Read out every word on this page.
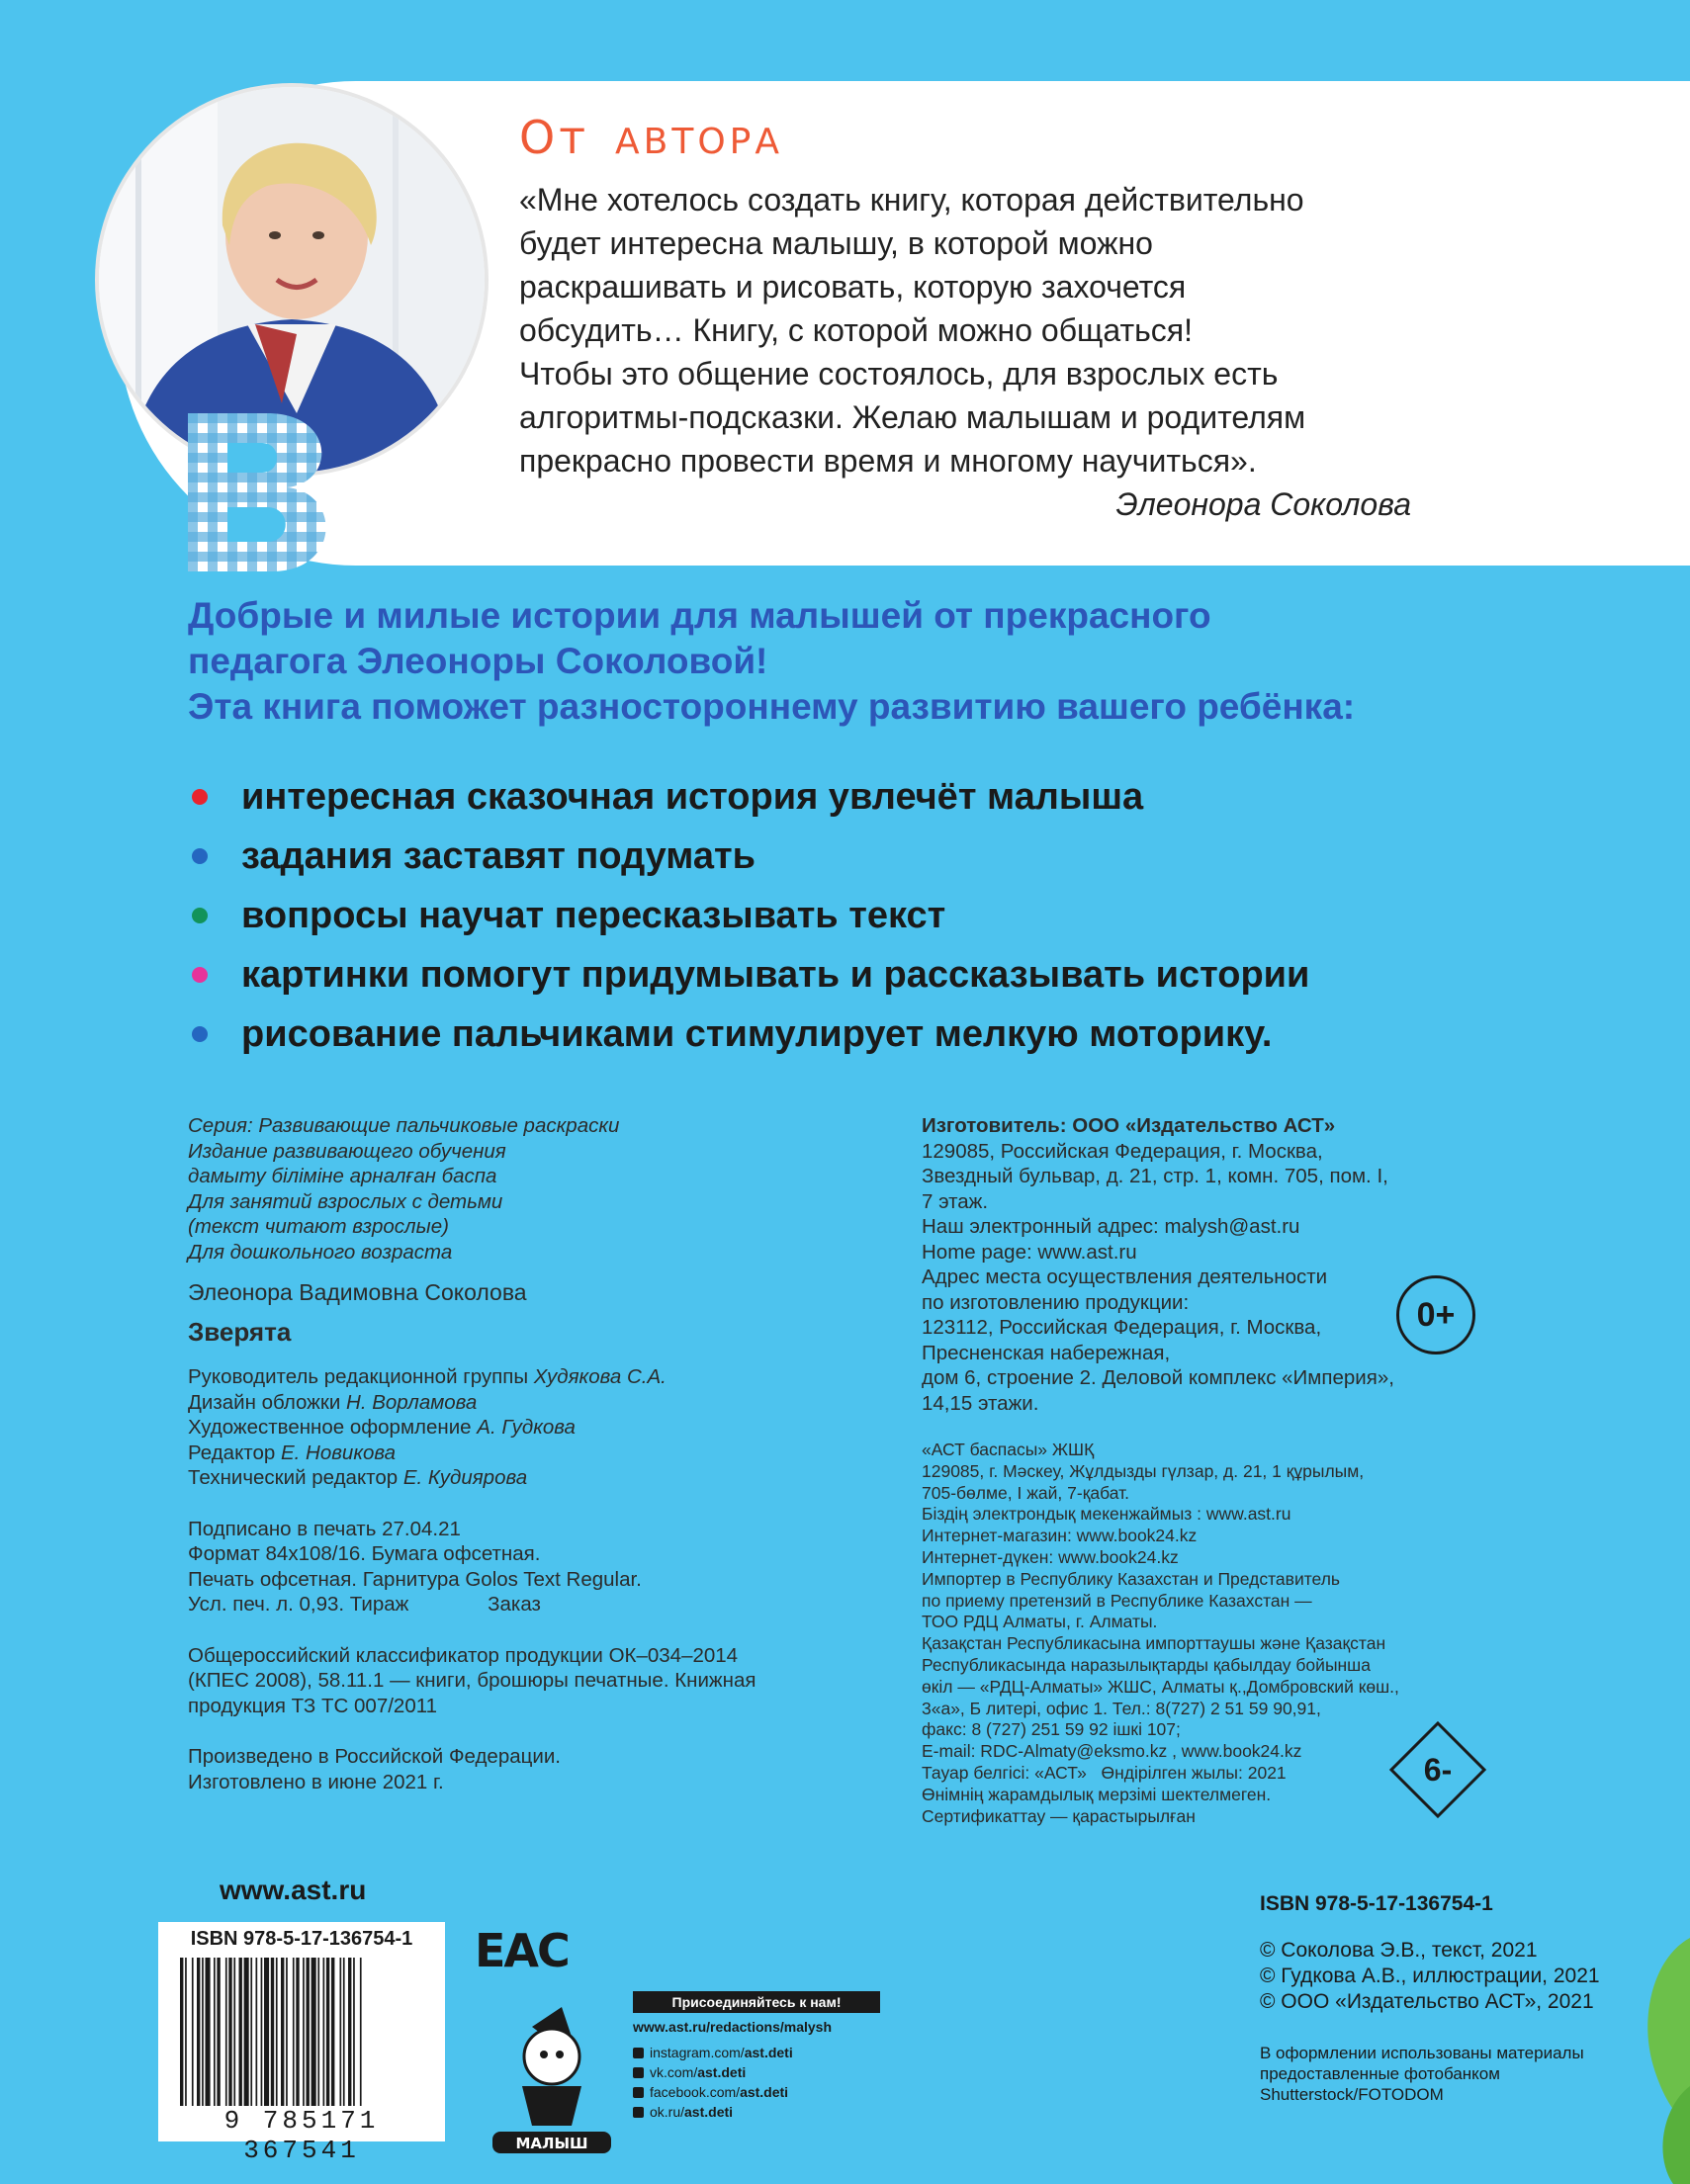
От АВТОРА

«Мне хотелось создать книгу, которая действительно

будет интересна малышу, в которой можно

раскрашивать и рисовать, которую захочется

обсудить… Книгу, с которой можно общаться!

Чтобы это общение состоялось, для взрослых есть

алгоритмы-подсказки. Желаю малышам и родителям

прекрасно провести время и многому научиться».

Элеонора Соколова
Добрые и милые истории для малышей от прекрасного
педагога Элеоноры Соколовой!
Эта книга поможет разностороннему развитию вашего ребёнка:
интересная сказочная история увлечёт малыша
задания заставят подумать
вопросы научат пересказывать текст
картинки помогут придумывать и рассказывать истории
рисование пальчиками стимулирует мелкую моторику.

Серия: Развивающие пальчиковые раскраски

Издание развивающего обучения

дамыту біліміне арналған баспа

Для занятий взрослых с детьми

(текст читают взрослые)

Для дошкольного возраста

Элеонора Вадимовна Соколова

Зверята

Руководитель редакционной группы Худякова С.А.

Дизайн обложки Н. Ворламова

Художественное оформление А. Гудкова

Редактор Е. Новикова

Технический редактор Е. Кудиярова

Подписано в печать 27.04.21

Формат 84x108/16. Бумага офсетная.

Печать офсетная. Гарнитура Golos Text Regular.

Усл. печ. л. 0,93. Тираж              Заказ

Общероссийский классификатор продукции ОК–034–2014

(КПЕС 2008), 58.11.1 — книги, брошюры печатные. Книжная

продукция ТЗ ТС 007/2011

Произведено в Российской Федерации.

Изготовлено в июне 2021 г.

Изготовитель: ООО «Издательство АСТ»

129085, Российская Федерация, г. Москва,

Звездный бульвар, д. 21, стр. 1, комн. 705, пом. I,

7 этаж.

Наш электронный адрес: malysh@ast.ru

Home page: www.ast.ru

Адрес места осуществления деятельности

по изготовлению продукции:

123112, Российская Федерация, г. Москва,

Пресненская набережная,

дом 6, строение 2. Деловой комплекс «Империя»,

14,15 этажи.

0+

«АСТ баспасы» ЖШҚ

129085, г. Мәскеу, Жұлдызды гүлзар, д. 21, 1 құрылым,

705-бөлме, I жай, 7-қабат.

Біздің электрондық мекенжаймыз : www.ast.ru

Интернет-магазин: www.book24.kz

Интернет-дүкен: www.book24.kz

Импортер в Республику Казахстан и Представитель

по приему претензий в Республике Казахстан —

ТОО РДЦ Алматы, г. Алматы.

Қазақстан Республикасына импорттаушы және Қазақстан

Республикасында наразылықтарды қабылдау бойынша

өкіл — «РДЦ-Алматы» ЖШС, Алматы қ.,Домбровский көш.,

3«а», Б литері, офис 1. Тел.: 8(727) 2 51 59 90,91,

факс: 8 (727) 251 59 92 ішкі 107;

E-mail: RDC-Almaty@eksmo.kz , www.book24.kz

Тауар белгісі: «АСТ»   Өндірілген жылы: 2021

Өнімнің жарамдылық мерзімі шектелмеген.

Сертификаттау — қарастырылған

6-
www.ast.ru
ISBN 978-5-17-136754-1
9 785171 367541
EAC
МАЛЫШ
Присоединяйтесь к нам!
www.ast.ru/redactions/malysh
instagram.com/ ast.deti
vk.com/ ast.deti
facebook.com/ ast.deti
ok.ru/ ast.deti
ISBN 978-5-17-136754-1

© Соколова Э.В., текст, 2021

© Гудкова А.В., иллюстрации, 2021

© ООО «Издательство АСТ», 2021

В оформлении использованы материалы

предоставленные фотобанком

Shutterstock/FOTODOM
